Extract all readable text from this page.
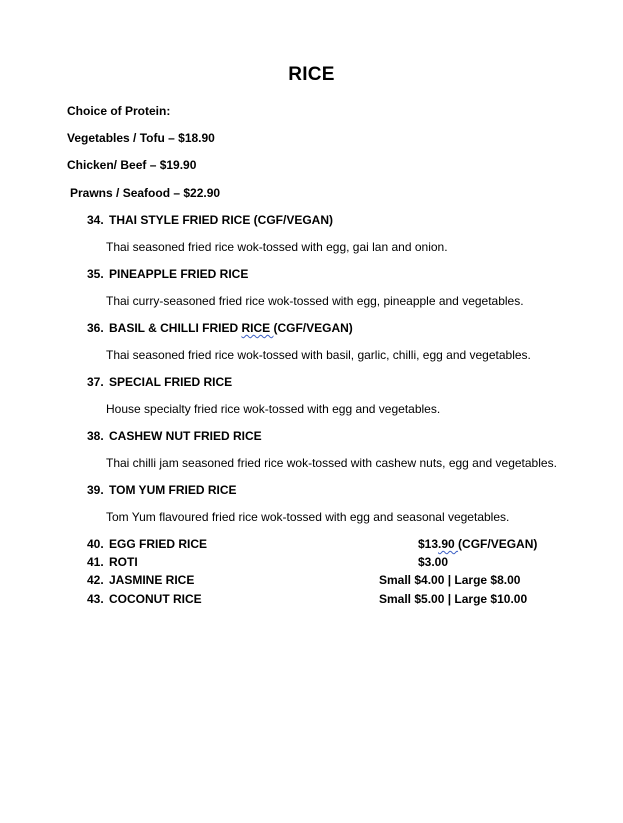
RICE
Choice of Protein:
Vegetables / Tofu – $18.90
Chicken/ Beef – $19.90
Prawns / Seafood – $22.90
34. THAI STYLE FRIED RICE (CGF/VEGAN)
Thai seasoned fried rice wok-tossed with egg, gai lan and onion.
35. PINEAPPLE FRIED RICE
Thai curry-seasoned fried rice wok-tossed with egg, pineapple and vegetables.
36. BASIL & CHILLI FRIED RICE (CGF/VEGAN)
Thai seasoned fried rice wok-tossed with basil, garlic, chilli, egg and vegetables.
37. SPECIAL FRIED RICE
House specialty fried rice wok-tossed with egg and vegetables.
38. CASHEW NUT FRIED RICE
Thai chilli jam seasoned fried rice wok-tossed with cashew nuts, egg and vegetables.
39. TOM YUM FRIED RICE
Tom Yum flavoured fried rice wok-tossed with egg and seasonal vegetables.
40. EGG FRIED RICE	$13.90 (CGF/VEGAN)
41. ROTI	$3.00
42. JASMINE RICE	Small $4.00 | Large $8.00
43. COCONUT RICE	Small $5.00 | Large $10.00
